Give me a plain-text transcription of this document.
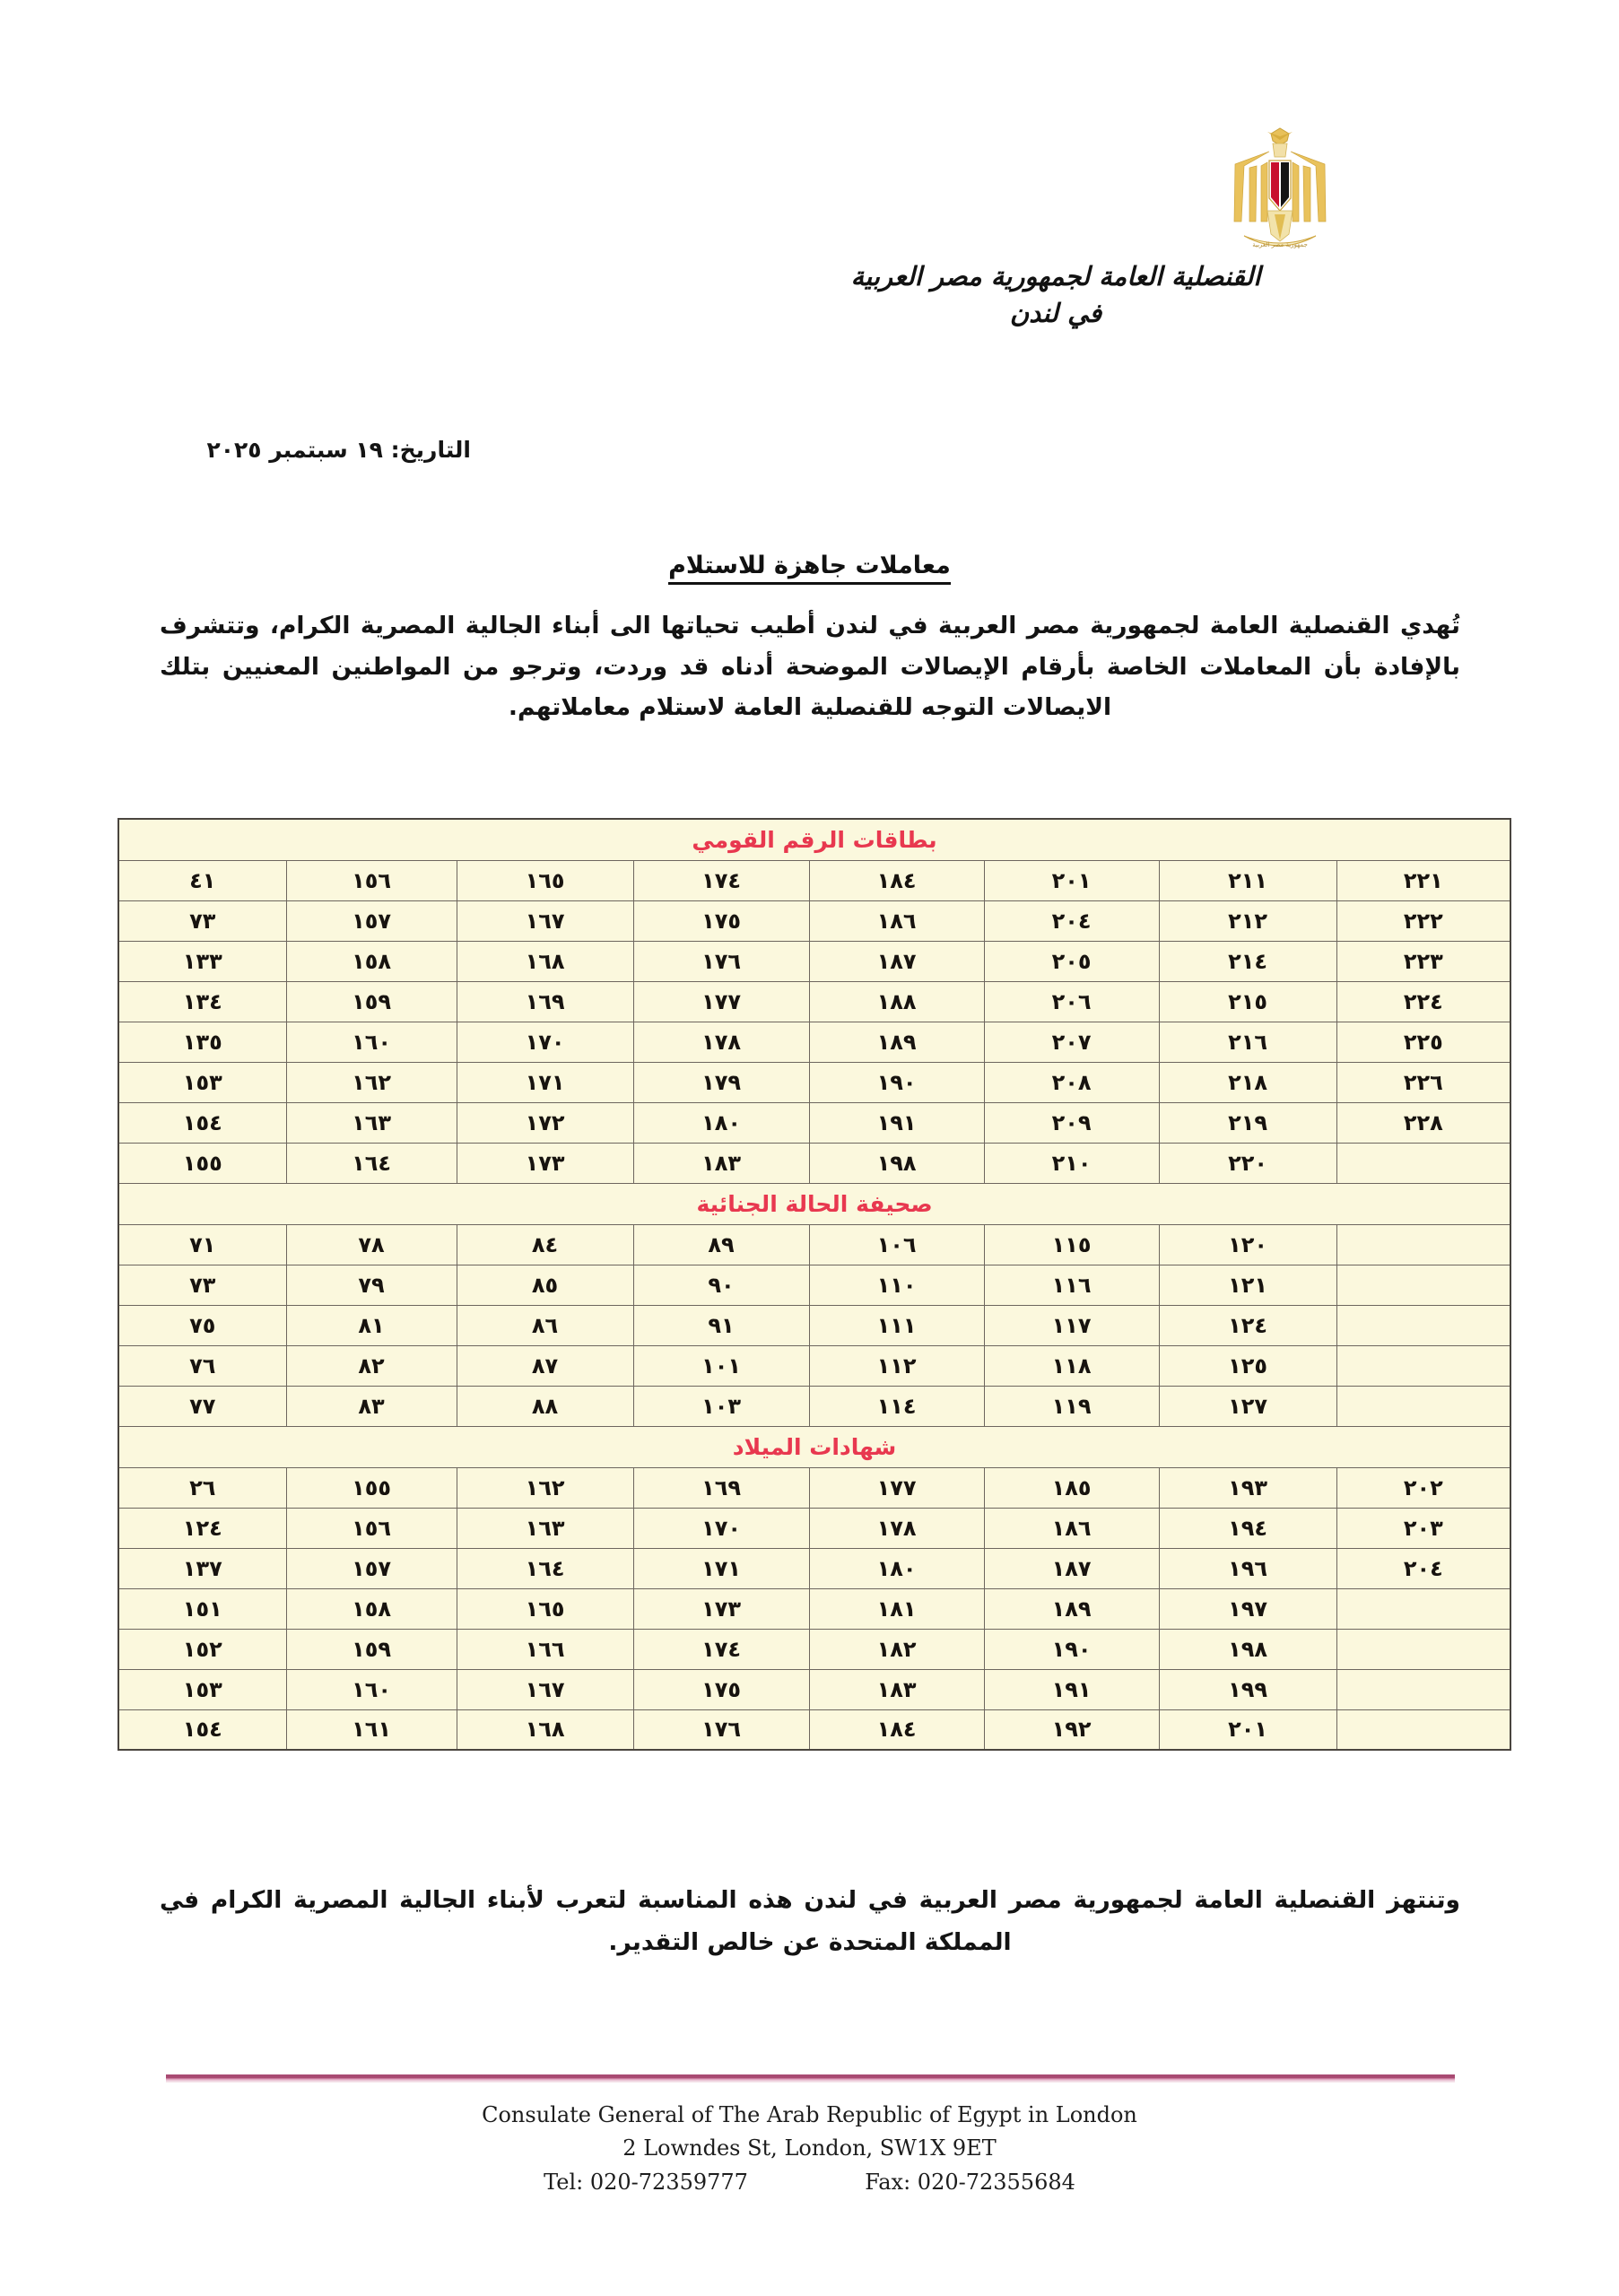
جمهورية مصر العربية
القنصلية العامة لجمهورية مصر العربية
في لندن
التاريخ: ١٩ سبتمبر ٢٠٢٥
معاملات جاهزة للاستلام
تُهدي القنصلية العامة لجمهورية مصر العربية في لندن أطيب تحياتها الى أبناء الجالية المصرية الكرام، وتتشرف بالإفادة بأن المعاملات الخاصة بأرقام الإيصالات الموضحة أدناه قد وردت، وترجو من المواطنين المعنيين بتلك الايصالات التوجه للقنصلية العامة لاستلام معاملاتهم.
بطاقات الرقم القومي							
٢٢١	٢١١	٢٠١	١٨٤	١٧٤	١٦٥	١٥٦	٤١
٢٢٢	٢١٢	٢٠٤	١٨٦	١٧٥	١٦٧	١٥٧	٧٣
٢٢٣	٢١٤	٢٠٥	١٨٧	١٧٦	١٦٨	١٥٨	١٣٣
٢٢٤	٢١٥	٢٠٦	١٨٨	١٧٧	١٦٩	١٥٩	١٣٤
٢٢٥	٢١٦	٢٠٧	١٨٩	١٧٨	١٧٠	١٦٠	١٣٥
٢٢٦	٢١٨	٢٠٨	١٩٠	١٧٩	١٧١	١٦٢	١٥٣
٢٢٨	٢١٩	٢٠٩	١٩١	١٨٠	١٧٢	١٦٣	١٥٤
	٢٢٠	٢١٠	١٩٨	١٨٣	١٧٣	١٦٤	١٥٥
صحيفة الحالة الجنائية							
	١٢٠	١١٥	١٠٦	٨٩	٨٤	٧٨	٧١
	١٢١	١١٦	١١٠	٩٠	٨٥	٧٩	٧٣
	١٢٤	١١٧	١١١	٩١	٨٦	٨١	٧٥
	١٢٥	١١٨	١١٢	١٠١	٨٧	٨٢	٧٦
	١٢٧	١١٩	١١٤	١٠٣	٨٨	٨٣	٧٧
شهادات الميلاد							
٢٠٢	١٩٣	١٨٥	١٧٧	١٦٩	١٦٢	١٥٥	٢٦
٢٠٣	١٩٤	١٨٦	١٧٨	١٧٠	١٦٣	١٥٦	١٢٤
٢٠٤	١٩٦	١٨٧	١٨٠	١٧١	١٦٤	١٥٧	١٣٧
	١٩٧	١٨٩	١٨١	١٧٣	١٦٥	١٥٨	١٥١
	١٩٨	١٩٠	١٨٢	١٧٤	١٦٦	١٥٩	١٥٢
	١٩٩	١٩١	١٨٣	١٧٥	١٦٧	١٦٠	١٥٣
	٢٠١	١٩٢	١٨٤	١٧٦	١٦٨	١٦١	١٥٤
وتنتهز القنصلية العامة لجمهورية مصر العربية في لندن هذه المناسبة لتعرب لأبناء الجالية المصرية الكرام في المملكة المتحدة عن خالص التقدير.
Consulate General of The Arab Republic of Egypt in London
2 Lowndes St, London, SW1X 9ET
Tel: 020-72359777	Fax: 020-72355684
